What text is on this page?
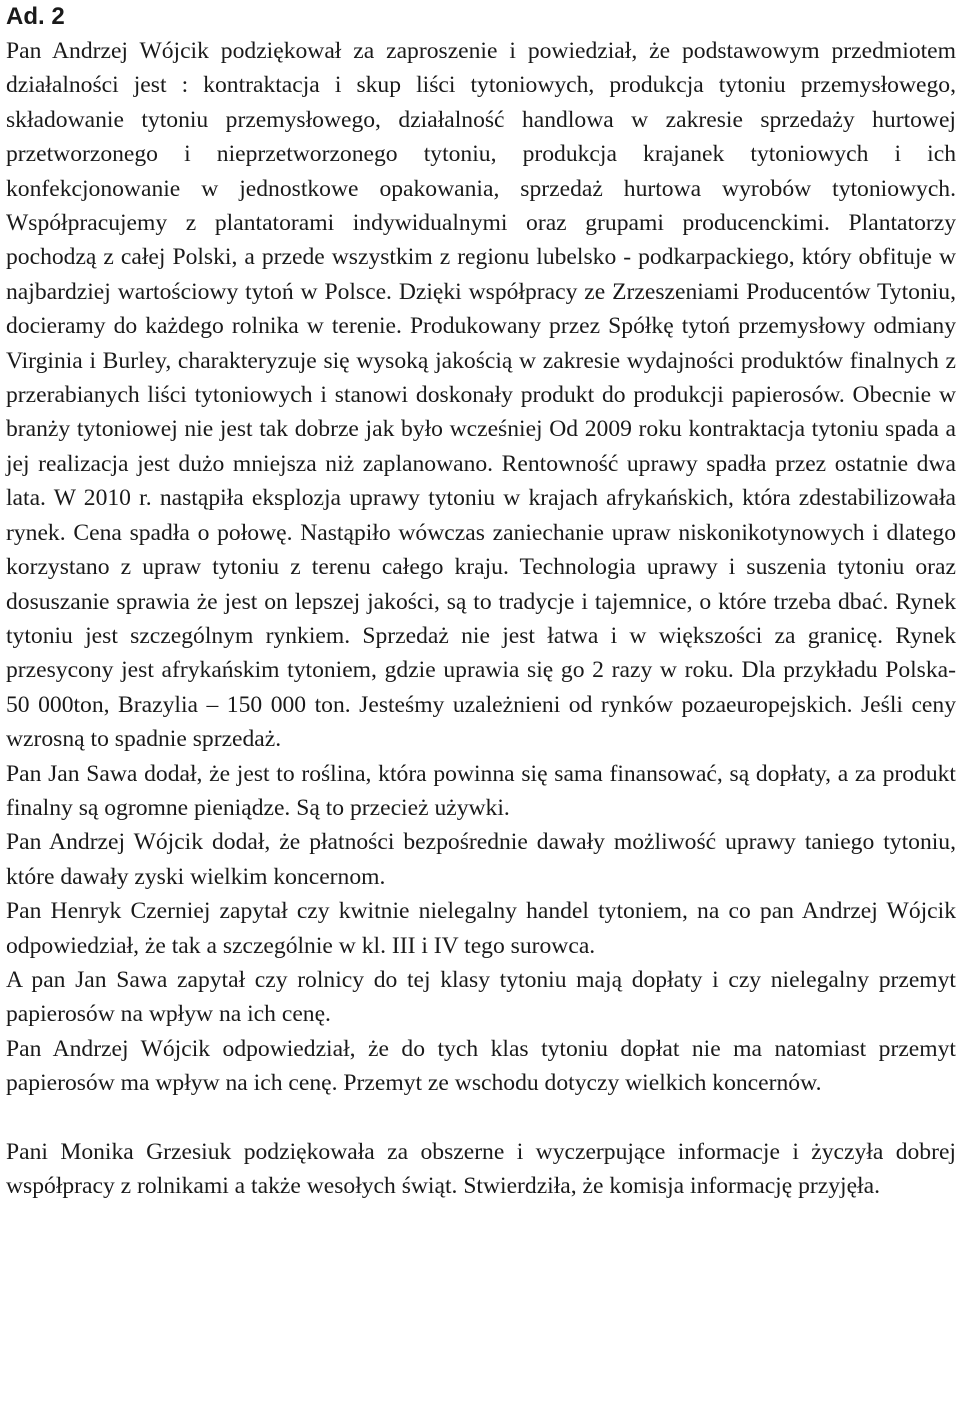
Ad. 2

Pan Andrzej Wójcik podziękował za zaproszenie i powiedział, że podstawowym przedmiotem działalności jest : kontraktacja i skup liści tytoniowych, produkcja tytoniu przemysłowego, składowanie tytoniu przemysłowego, działalność handlowa w zakresie sprzedaży hurtowej przetworzonego i nieprzetworzonego tytoniu, produkcja krajanek tytoniowych i ich konfekcjonowanie w jednostkowe opakowania, sprzedaż hurtowa wyrobów tytoniowych. Współpracujemy z plantatorami indywidualnymi oraz grupami producenckimi. Plantatorzy pochodzą z całej Polski, a przede wszystkim z regionu lubelsko - podkarpackiego, który obfituje w najbardziej wartościowy tytoń w Polsce. Dzięki współpracy ze Zrzeszeniami Producentów Tytoniu, docieramy do każdego rolnika w terenie. Produkowany przez Spółkę tytoń przemysłowy odmiany Virginia i Burley, charakteryzuje się wysoką jakością w zakresie wydajności produktów finalnych z przerabianych liści tytoniowych i stanowi doskonały produkt do produkcji papierosów. Obecnie w branży tytoniowej nie jest tak dobrze jak było wcześniej Od 2009 roku kontraktacja tytoniu spada a jej realizacja jest dużo mniejsza niż zaplanowano. Rentowność uprawy spadła przez ostatnie dwa lata. W 2010 r. nastąpiła eksplozja uprawy tytoniu w krajach afrykańskich, która zdestabilizowała rynek. Cena spadła o połowę. Nastąpiło wówczas zaniechanie upraw niskonikotynowych i dlatego korzystano z upraw tytoniu z terenu całego kraju. Technologia uprawy i suszenia tytoniu oraz dosuszanie sprawia że jest on lepszej jakości, są to tradycje i tajemnice, o które trzeba dbać. Rynek tytoniu jest szczególnym rynkiem. Sprzedaż nie jest łatwa i w większości za granicę. Rynek przesycony jest afrykańskim tytoniem, gdzie uprawia się go 2 razy w roku. Dla przykładu Polska- 50 000ton, Brazylia – 150 000 ton. Jesteśmy uzależnieni od rynków pozaeuropejskich. Jeśli ceny wzrosną to spadnie sprzedaż.

Pan Jan Sawa dodał, że jest to roślina, która powinna się sama finansować, są dopłaty, a za produkt finalny są ogromne pieniądze. Są to przecież używki.

Pan Andrzej Wójcik dodał, że płatności bezpośrednie dawały możliwość uprawy taniego tytoniu, które dawały zyski wielkim koncernom.

Pan Henryk Czerniej zapytał czy kwitnie nielegalny handel tytoniem, na co pan Andrzej Wójcik odpowiedział, że tak a szczególnie w kl. III i IV tego surowca.

A pan Jan Sawa zapytał czy rolnicy do tej klasy tytoniu mają dopłaty i czy nielegalny przemyt papierosów na wpływ na ich cenę.

Pan Andrzej Wójcik odpowiedział, że do tych klas tytoniu dopłat nie ma natomiast przemyt papierosów ma wpływ na ich cenę. Przemyt ze wschodu dotyczy wielkich koncernów.

Pani Monika Grzesiuk podziękowała za obszerne i wyczerpujące informacje i życzyła dobrej współpracy z rolnikami a także wesołych świąt. Stwierdziła, że komisja informację przyjęła.
